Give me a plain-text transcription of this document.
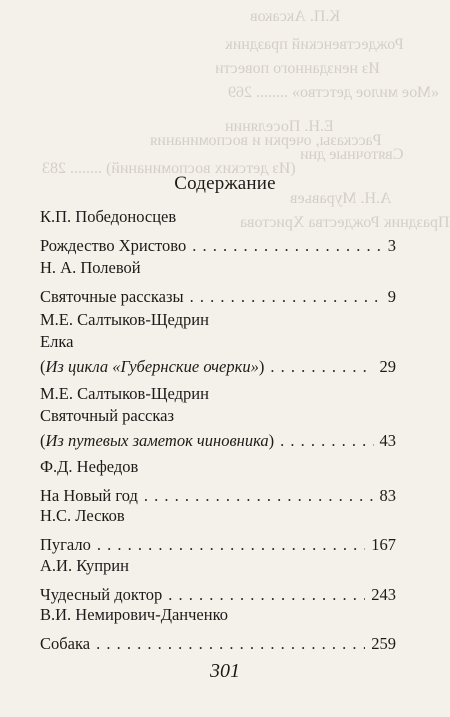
К.П. Аксаков
Рождественский праздник
Из неизданного повести
«Мое милое детство» ........ 269
Е.Н. Поселянин
Рассказы, очерки и воспоминания
Святочные дни
(Из детских воспоминаний) ........ 283
А.Н. Муравьев
Праздник Рождества Христова
Содержание
К.П. Победоносцев
Рождество Христово . . .	3
Н. А. Полевой
Святочные рассказы . . .	9
М.Е. Салтыков-Щедрин
Елка
(Из цикла «Губернские очерки») . . .	29
М.Е. Салтыков-Щедрин
Святочный рассказ
(Из путевых заметок чиновника) . . .	43
Ф.Д. Нефедов
На Новый год . . .	83
Н.С. Лесков
Пугало . . .	167
А.И. Куприн
Чудесный доктор . . .	243
В.И. Немирович-Данченко
Собака . . .	259
301
